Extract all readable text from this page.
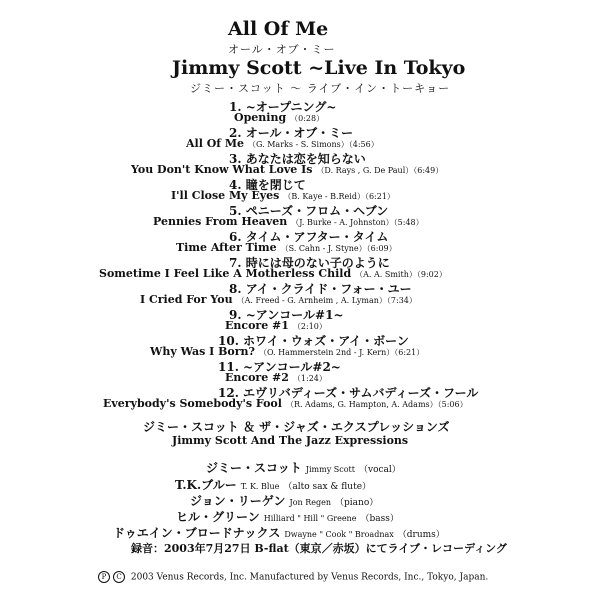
All Of Me
オール・オブ・ミー
Jimmy Scott ~Live In Tokyo
ジミー・スコット ～ ライブ・イン・トーキョー
1. ~オープニング~
Opening （0:28）
2. オール・オブ・ミー
All Of Me （G. Marks - S. Simons）（4:56）
3. あなたは恋を知らない
You Don't Know What Love Is （D. Rays , G. De Paul）（6:49）
4. 瞳を閉じて
I'll Close My Eyes （B. Kaye - B.Reid）（6:21）
5. ペニーズ・フロム・ヘブン
Pennies From Heaven （J. Burke - A. Johnston）（5:48）
6. タイム・アフター・タイム
Time After Time （S. Cahn - J. Styne）（6:09）
7. 時には母のない子のように
Sometime I Feel Like A Motherless Child （A. A. Smith）（9:02）
8. アイ・クライド・フォー・ユー
I Cried For You （A. Freed - G. Arnheim , A. Lyman）（7:34）
9. ~アンコール#1~
Encore #1 （2:10）
10. ホワイ・ウォズ・アイ・ボーン
Why Was I Born? （O. Hammerstein 2nd - J. Kern）（6:21）
11. ~アンコール#2~
Encore #2 （1:24）
12. エヴリバディーズ・サムバディーズ・フール
Everybody's Somebody's Fool （R. Adams, G. Hampton, A. Adams）（5:06）
ジミー・スコット ＆ ザ・ジャズ・エクスプレッションズ
Jimmy Scott And The Jazz Expressions
ジミー・スコット Jimmy Scott （vocal）
T.K.ブルー T. K. Blue （alto sax & flute）
ジョン・リーゲン Jon Regen （piano）
ヒル・グリーン Hilliard " Hill " Greene （bass）
ドゥエイン・ブロードナックス Dwayne " Cook " Broadnax （drums）
録音：2003年7月27日 B-flat（東京／赤坂）にてライブ・レコーディング
P C 2003 Venus Records, Inc. Manufactured by Venus Records, Inc., Tokyo, Japan.
